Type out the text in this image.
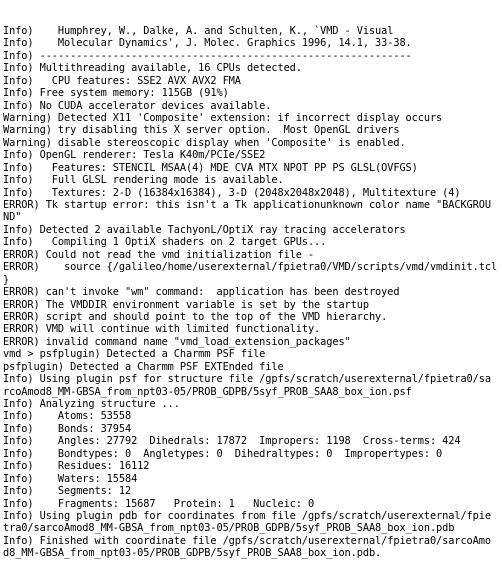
Info)    Humphrey, W., Dalke, A. and Schulten, K., `VMD - Visual
Info)    Molecular Dynamics', J. Molec. Graphics 1996, 14.1, 33-38.
Info) -------------------------------------------------------------
Info) Multithreading available, 16 CPUs detected.
Info)   CPU features: SSE2 AVX AVX2 FMA
Info) Free system memory: 115GB (91%)
Info) No CUDA accelerator devices available.
Warning) Detected X11 'Composite' extension: if incorrect display occurs
Warning) try disabling this X server option.  Most OpenGL drivers
Warning) disable stereoscopic display when 'Composite' is enabled.
Info) OpenGL renderer: Tesla K40m/PCIe/SSE2
Info)   Features: STENCIL MSAA(4) MDE CVA MTX NPOT PP PS GLSL(OVFGS)
Info)   Full GLSL rendering mode is available.
Info)   Textures: 2-D (16384x16384), 3-D (2048x2048x2048), Multitexture (4)
ERROR) Tk startup error: this isn't a Tk applicationunknown color name "BACKGROU
ND"
Info) Detected 2 available TachyonL/OptiX ray tracing accelerators
Info)   Compiling 1 OptiX shaders on 2 target GPUs...
ERROR) Could not read the vmd initialization file -
ERROR)    source {/galileo/home/userexternal/fpietra0/VMD/scripts/vmd/vmdinit.tcl
}
ERROR) can't invoke "wm" command:  application has been destroyed
ERROR) The VMDDIR environment variable is set by the startup
ERROR) script and should point to the top of the VMD hierarchy.
ERROR) VMD will continue with limited functionality.
ERROR) invalid command name "vmd_load_extension_packages"
vmd > psfplugin) Detected a Charmm PSF file
psfplugin) Detected a Charmm PSF EXTEnded file
Info) Using plugin psf for structure file /gpfs/scratch/userexternal/fpietra0/sa
rcoAmod8_MM-GBSA_from_npt03-05/PROB_GDPB/5syf_PROB_SAA8_box_ion.psf
Info) Analyzing structure ...
Info)    Atoms: 53558
Info)    Bonds: 37954
Info)    Angles: 27792  Dihedrals: 17872  Impropers: 1198  Cross-terms: 424
Info)    Bondtypes: 0  Angletypes: 0  Dihedraltypes: 0  Impropertypes: 0
Info)    Residues: 16112
Info)    Waters: 15584
Info)    Segments: 12
Info)    Fragments: 15687   Protein: 1   Nucleic: 0
Info) Using plugin pdb for coordinates from file /gpfs/scratch/userexternal/fpie
tra0/sarcoAmod8_MM-GBSA_from_npt03-05/PROB_GDPB/5syf_PROB_SAA8_box_ion.pdb
Info) Finished with coordinate file /gpfs/scratch/userexternal/fpietra0/sarcoAmo
d8_MM-GBSA_from_npt03-05/PROB_GDPB/5syf_PROB_SAA8_box_ion.pdb.
